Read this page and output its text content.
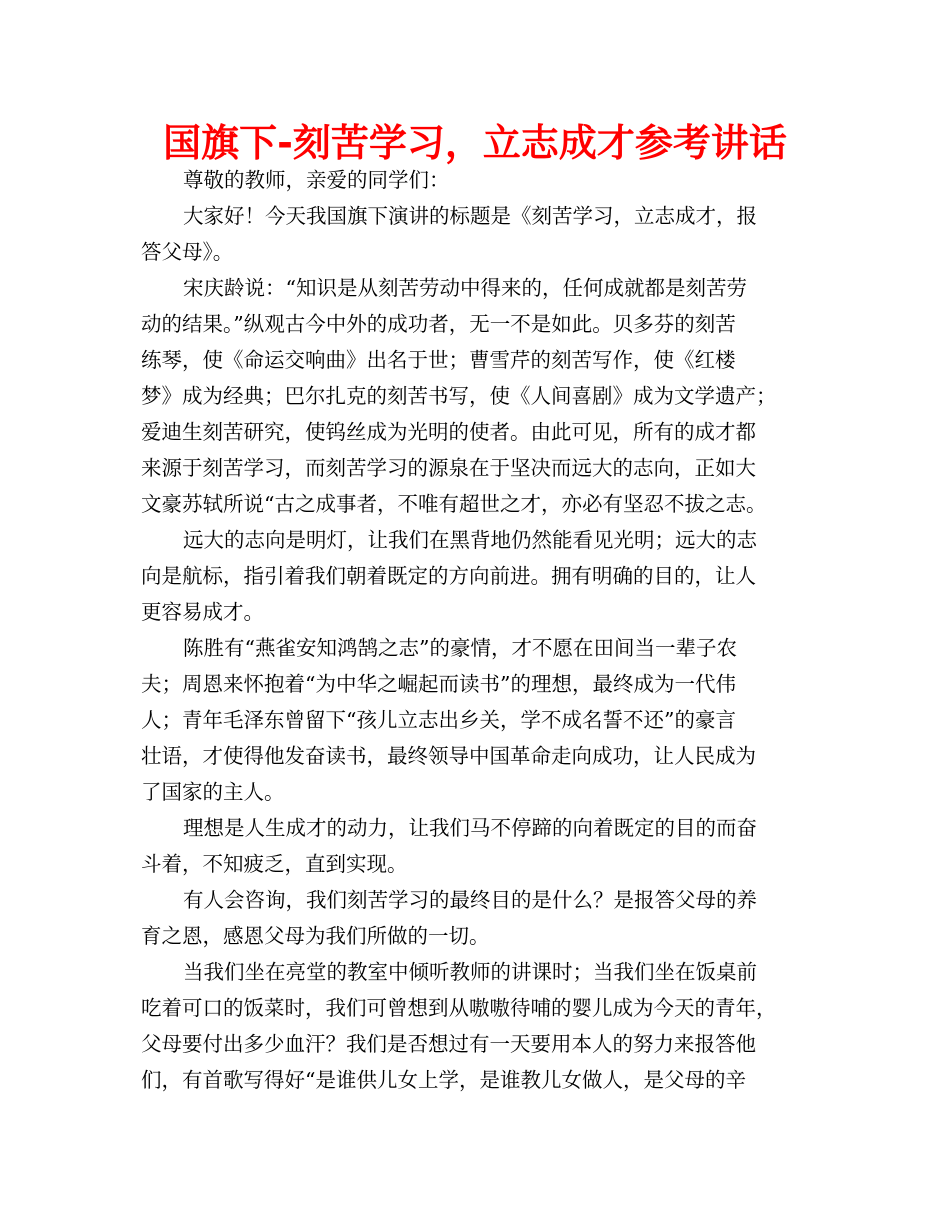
国旗下-刻苦学习，立志成才参考讲话
尊敬的教师，亲爱的同学们：
大家好！今天我国旗下演讲的标题是《刻苦学习，立志成才，报
答父母》。
宋庆龄说：“知识是从刻苦劳动中得来的，任何成就都是刻苦劳
动的结果。”纵观古今中外的成功者，无一不是如此。贝多芬的刻苦
练琴，使《命运交响曲》出名于世；曹雪芹的刻苦写作，使《红楼
梦》成为经典；巴尔扎克的刻苦书写，使《人间喜剧》成为文学遗产；
爱迪生刻苦研究，使钨丝成为光明的使者。由此可见，所有的成才都
来源于刻苦学习，而刻苦学习的源泉在于坚决而远大的志向，正如大
文豪苏轼所说“古之成事者，不唯有超世之才，亦必有坚忍不拔之志。
远大的志向是明灯，让我们在黑背地仍然能看见光明；远大的志
向是航标，指引着我们朝着既定的方向前进。拥有明确的目的，让人
更容易成才。
陈胜有“燕雀安知鸿鹄之志”的豪情，才不愿在田间当一辈子农
夫；周恩来怀抱着“为中华之崛起而读书”的理想，最终成为一代伟
人；青年毛泽东曾留下“孩儿立志出乡关，学不成名誓不还”的豪言
壮语，才使得他发奋读书，最终领导中国革命走向成功，让人民成为
了国家的主人。
理想是人生成才的动力，让我们马不停蹄的向着既定的目的而奋
斗着，不知疲乏，直到实现。
有人会咨询，我们刻苦学习的最终目的是什么？是报答父母的养
育之恩，感恩父母为我们所做的一切。
当我们坐在亮堂的教室中倾听教师的讲课时；当我们坐在饭桌前
吃着可口的饭菜时，我们可曾想到从嗷嗷待哺的婴儿成为今天的青年，
父母要付出多少血汗？我们是否想过有一天要用本人的努力来报答他
们，有首歌写得好“是谁供儿女上学，是谁教儿女做人，是父母的辛
